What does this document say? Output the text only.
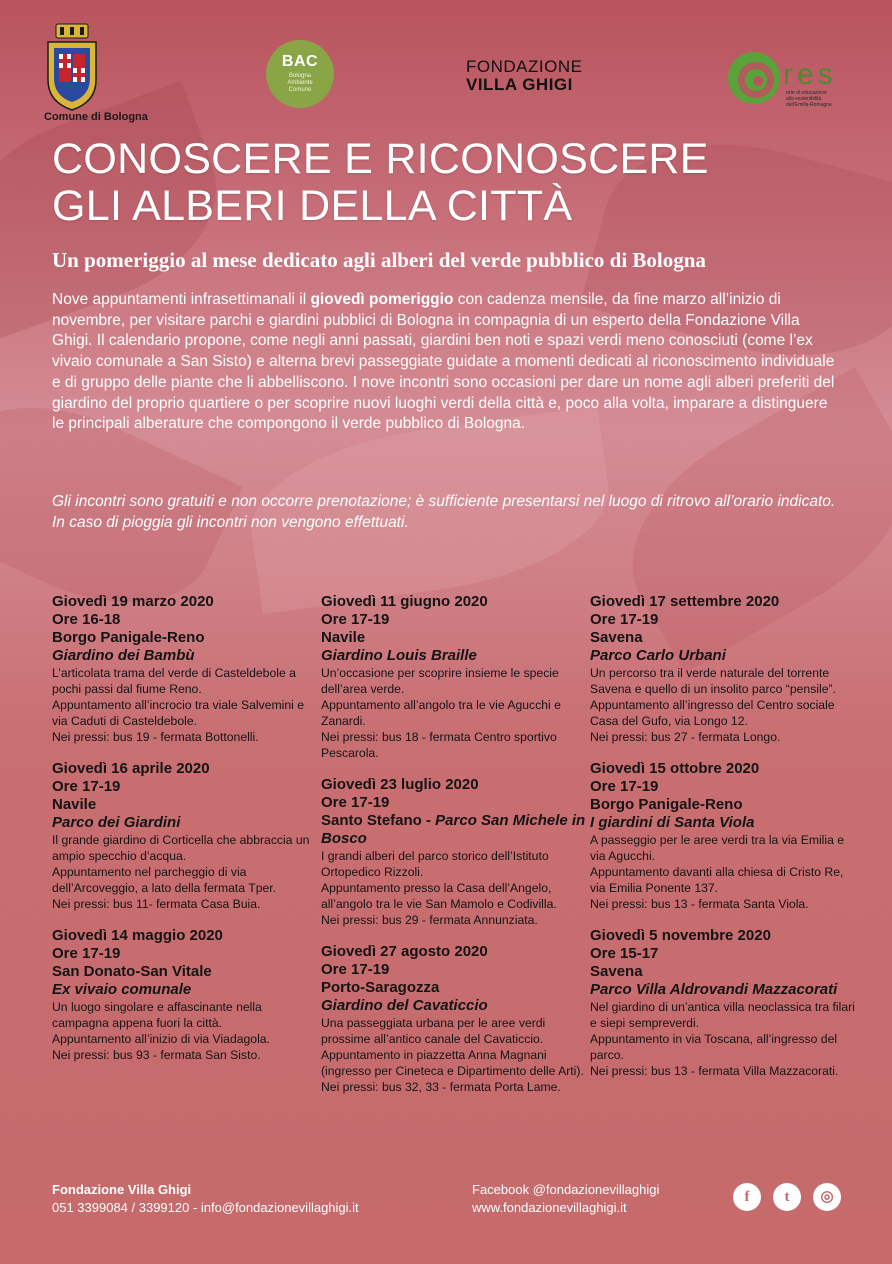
Comune di Bologna
BAC
Bologna
Ambiente
Comune
FONDAZIONE
VILLA GHIGI	res
rete di educazione
alla sostenibilità
dell'Emilia-Romagna
CONOSCERE E RICONOSCERE
GLI ALBERI DELLA CITTÀ
Un pomeriggio al mese dedicato agli alberi del verde pubblico di Bologna

Nove appuntamenti infrasettimanali il giovedì pomeriggio con cadenza mensile, da fine marzo all’inizio di novembre, per visitare parchi e giardini pubblici di Bologna in compagnia di un esperto della Fondazione Villa Ghigi. Il calendario propone, come negli anni passati, giardini ben noti e spazi verdi meno conosciuti (come l’ex vivaio comunale a San Sisto) e alterna brevi passeggiate guidate a momenti dedicati al riconoscimento individuale e di gruppo delle piante che li abbelliscono. I nove incontri sono occasioni per dare un nome agli alberi preferiti del giardino del proprio quartiere o per scoprire nuovi luoghi verdi della città e, poco alla volta, imparare a distinguere le principali alberature che compongono il verde pubblico di Bologna.

Gli incontri sono gratuiti e non occorre prenotazione; è sufficiente presentarsi nel luogo di ritrovo all’orario indicato. In caso di pioggia gli incontri non vengono effettuati.

Giovedì 19 marzo 2020

Ore 16-18

Borgo Panigale-Reno

Giardino dei Bambù

L’articolata trama del verde di Casteldebole a pochi passi dal fiume Reno.

Appuntamento all’incrocio tra viale Salvemini e via Caduti di Casteldebole.

Nei pressi: bus 19 - fermata Bottonelli.

Giovedì 16 aprile 2020

Ore 17-19

Navile

Parco dei Giardini

Il grande giardino di Corticella che abbraccia un ampio specchio d’acqua.

Appuntamento nel parcheggio di via dell’Arcoveggio, a lato della fermata Tper.

Nei pressi: bus 11- fermata Casa Buia.

Giovedì 14 maggio 2020

Ore 17-19

San Donato-San Vitale

Ex vivaio comunale

Un luogo singolare e affascinante nella campagna appena fuori la città.

Appuntamento all’inizio di via Viadagola.

Nei pressi: bus 93 - fermata San Sisto.

Giovedì 11 giugno 2020

Ore 17-19

Navile

Giardino Louis Braille

Un’occasione per scoprire insieme le specie dell’area verde.

Appuntamento all’angolo tra le vie Agucchi e Zanardi.

Nei pressi: bus 18 - fermata Centro sportivo Pescarola.

Giovedì 23 luglio 2020

Ore 17-19

Santo Stefano - Parco San Michele in Bosco

I grandi alberi del parco storico dell’Istituto Ortopedico Rizzoli.

Appuntamento presso la Casa dell’Angelo, all’angolo tra le vie San Mamolo e Codivilla.

Nei pressi: bus 29 - fermata Annunziata.

Giovedì 27 agosto 2020

Ore 17-19

Porto-Saragozza

Giardino del Cavaticcio

Una passeggiata urbana per le aree verdi prossime all’antico canale del Cavaticcio.

Appuntamento in piazzetta Anna Magnani (ingresso per Cineteca e Dipartimento delle Arti).

Nei pressi: bus 32, 33 - fermata Porta Lame.

Giovedì 17 settembre 2020

Ore 17-19

Savena

Parco Carlo Urbani

Un percorso tra il verde naturale del torrente Savena e quello di un insolito parco “pensile”.

Appuntamento all’ingresso del Centro sociale Casa del Gufo, via Longo 12.

Nei pressi: bus 27 - fermata Longo.

Giovedì 15 ottobre 2020

Ore 17-19

Borgo Panigale-Reno

I giardini di Santa Viola

A passeggio per le aree verdi tra la via Emilia e via Agucchi.

Appuntamento davanti alla chiesa di Cristo Re, via Emilia Ponente 137.

Nei pressi: bus 13 - fermata Santa Viola.

Giovedì 5 novembre 2020

Ore 15-17

Savena

Parco Villa Aldrovandi Mazzacorati

Nel giardino di un’antica villa neoclassica tra filari e siepi sempreverdi.

Appuntamento in via Toscana, all’ingresso del parco.

Nei pressi: bus 13 - fermata Villa Mazzacorati.

Fondazione Villa Ghigi
051 3399084 / 3399120 - info@fondazionevillaghigi.it
Facebook @fondazionevillaghigi
www.fondazionevillaghigi.it
f	t	◎
